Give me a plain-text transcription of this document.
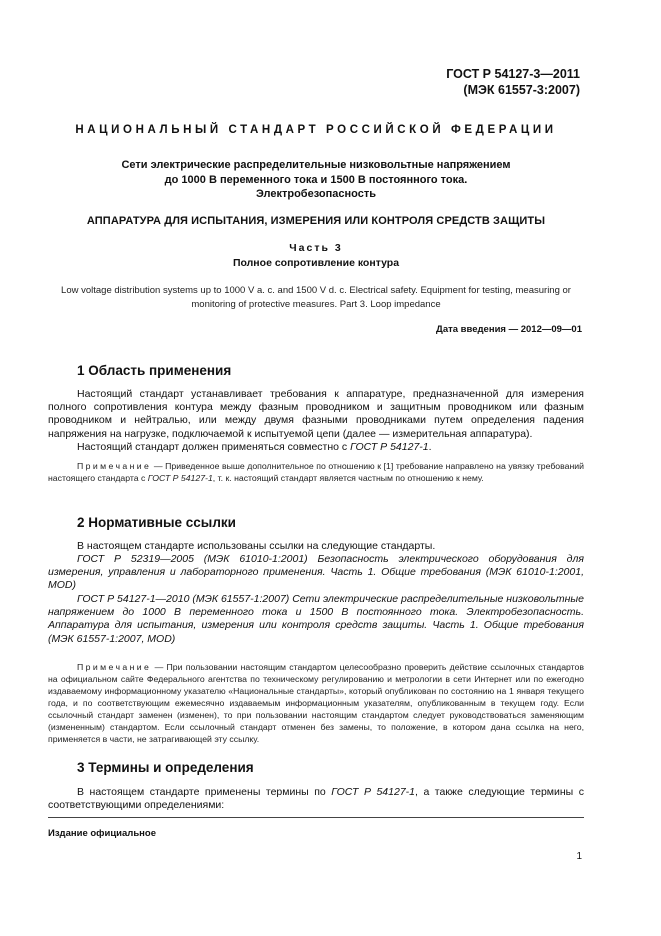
ГОСТ Р 54127-3—2011
(МЭК 61557-3:2007)
НАЦИОНАЛЬНЫЙ СТАНДАРТ РОССИЙСКОЙ ФЕДЕРАЦИИ
Сети электрические распределительные низковольтные напряжением
до 1000 В переменного тока и 1500 В постоянного тока.
Электробезопасность
АППАРАТУРА ДЛЯ ИСПЫТАНИЯ, ИЗМЕРЕНИЯ ИЛИ КОНТРОЛЯ СРЕДСТВ ЗАЩИТЫ
Часть 3
Полное сопротивление контура
Low voltage distribution systems up to 1000 V a. c. and 1500 V d. c. Electrical safety. Equipment for testing, measuring or
monitoring of protective measures. Part 3. Loop impedance
Дата введения — 2012—09—01
1 Область применения
Настоящий стандарт устанавливает требования к аппаратуре, предназначенной для измерения полного сопротивления контура между фазным проводником и защитным проводником или фазным проводником и нейтралью, или между двумя фазными проводниками путем определения падения напряжения на нагрузке, подключаемой к испытуемой цепи (далее — измерительная аппаратура).
Настоящий стандарт должен применяться совместно с ГОСТ Р 54127-1.
Примечание — Приведенное выше дополнительное по отношению к [1] требование направлено на увязку требований настоящего стандарта с ГОСТ Р 54127-1, т. к. настоящий стандарт является частным по отношению к нему.
2 Нормативные ссылки
В настоящем стандарте использованы ссылки на следующие стандарты.
ГОСТ Р 52319—2005 (МЭК 61010-1:2001) Безопасность электрического оборудования для измерения, управления и лабораторного применения. Часть 1. Общие требования (МЭК 61010-1:2001, MOD)
ГОСТ Р 54127-1—2010 (МЭК 61557-1:2007) Сети электрические распределительные низковольтные напряжением до 1000 В переменного тока и 1500 В постоянного тока. Электробезопасность. Аппаратура для испытания, измерения или контроля средств защиты. Часть 1. Общие требования (МЭК 61557-1:2007, MOD)
Примечание — При пользовании настоящим стандартом целесообразно проверить действие ссылочных стандартов на официальном сайте Федерального агентства по техническому регулированию и метрологии в сети Интернет или по ежегодно издаваемому информационному указателю «Национальные стандарты», который опубликован по состоянию на 1 января текущего года, и по соответствующим ежемесячно издаваемым информационным указателям, опубликованным в текущем году. Если ссылочный стандарт заменен (изменен), то при пользовании настоящим стандартом следует руководствоваться заменяющим (измененным) стандартом. Если ссылочный стандарт отменен без замены, то положение, в котором дана ссылка на него, применяется в части, не затрагивающей эту ссылку.
3 Термины и определения
В настоящем стандарте применены термины по ГОСТ Р 54127-1, а также следующие термины с соответствующими определениями:
Издание официальное
1
